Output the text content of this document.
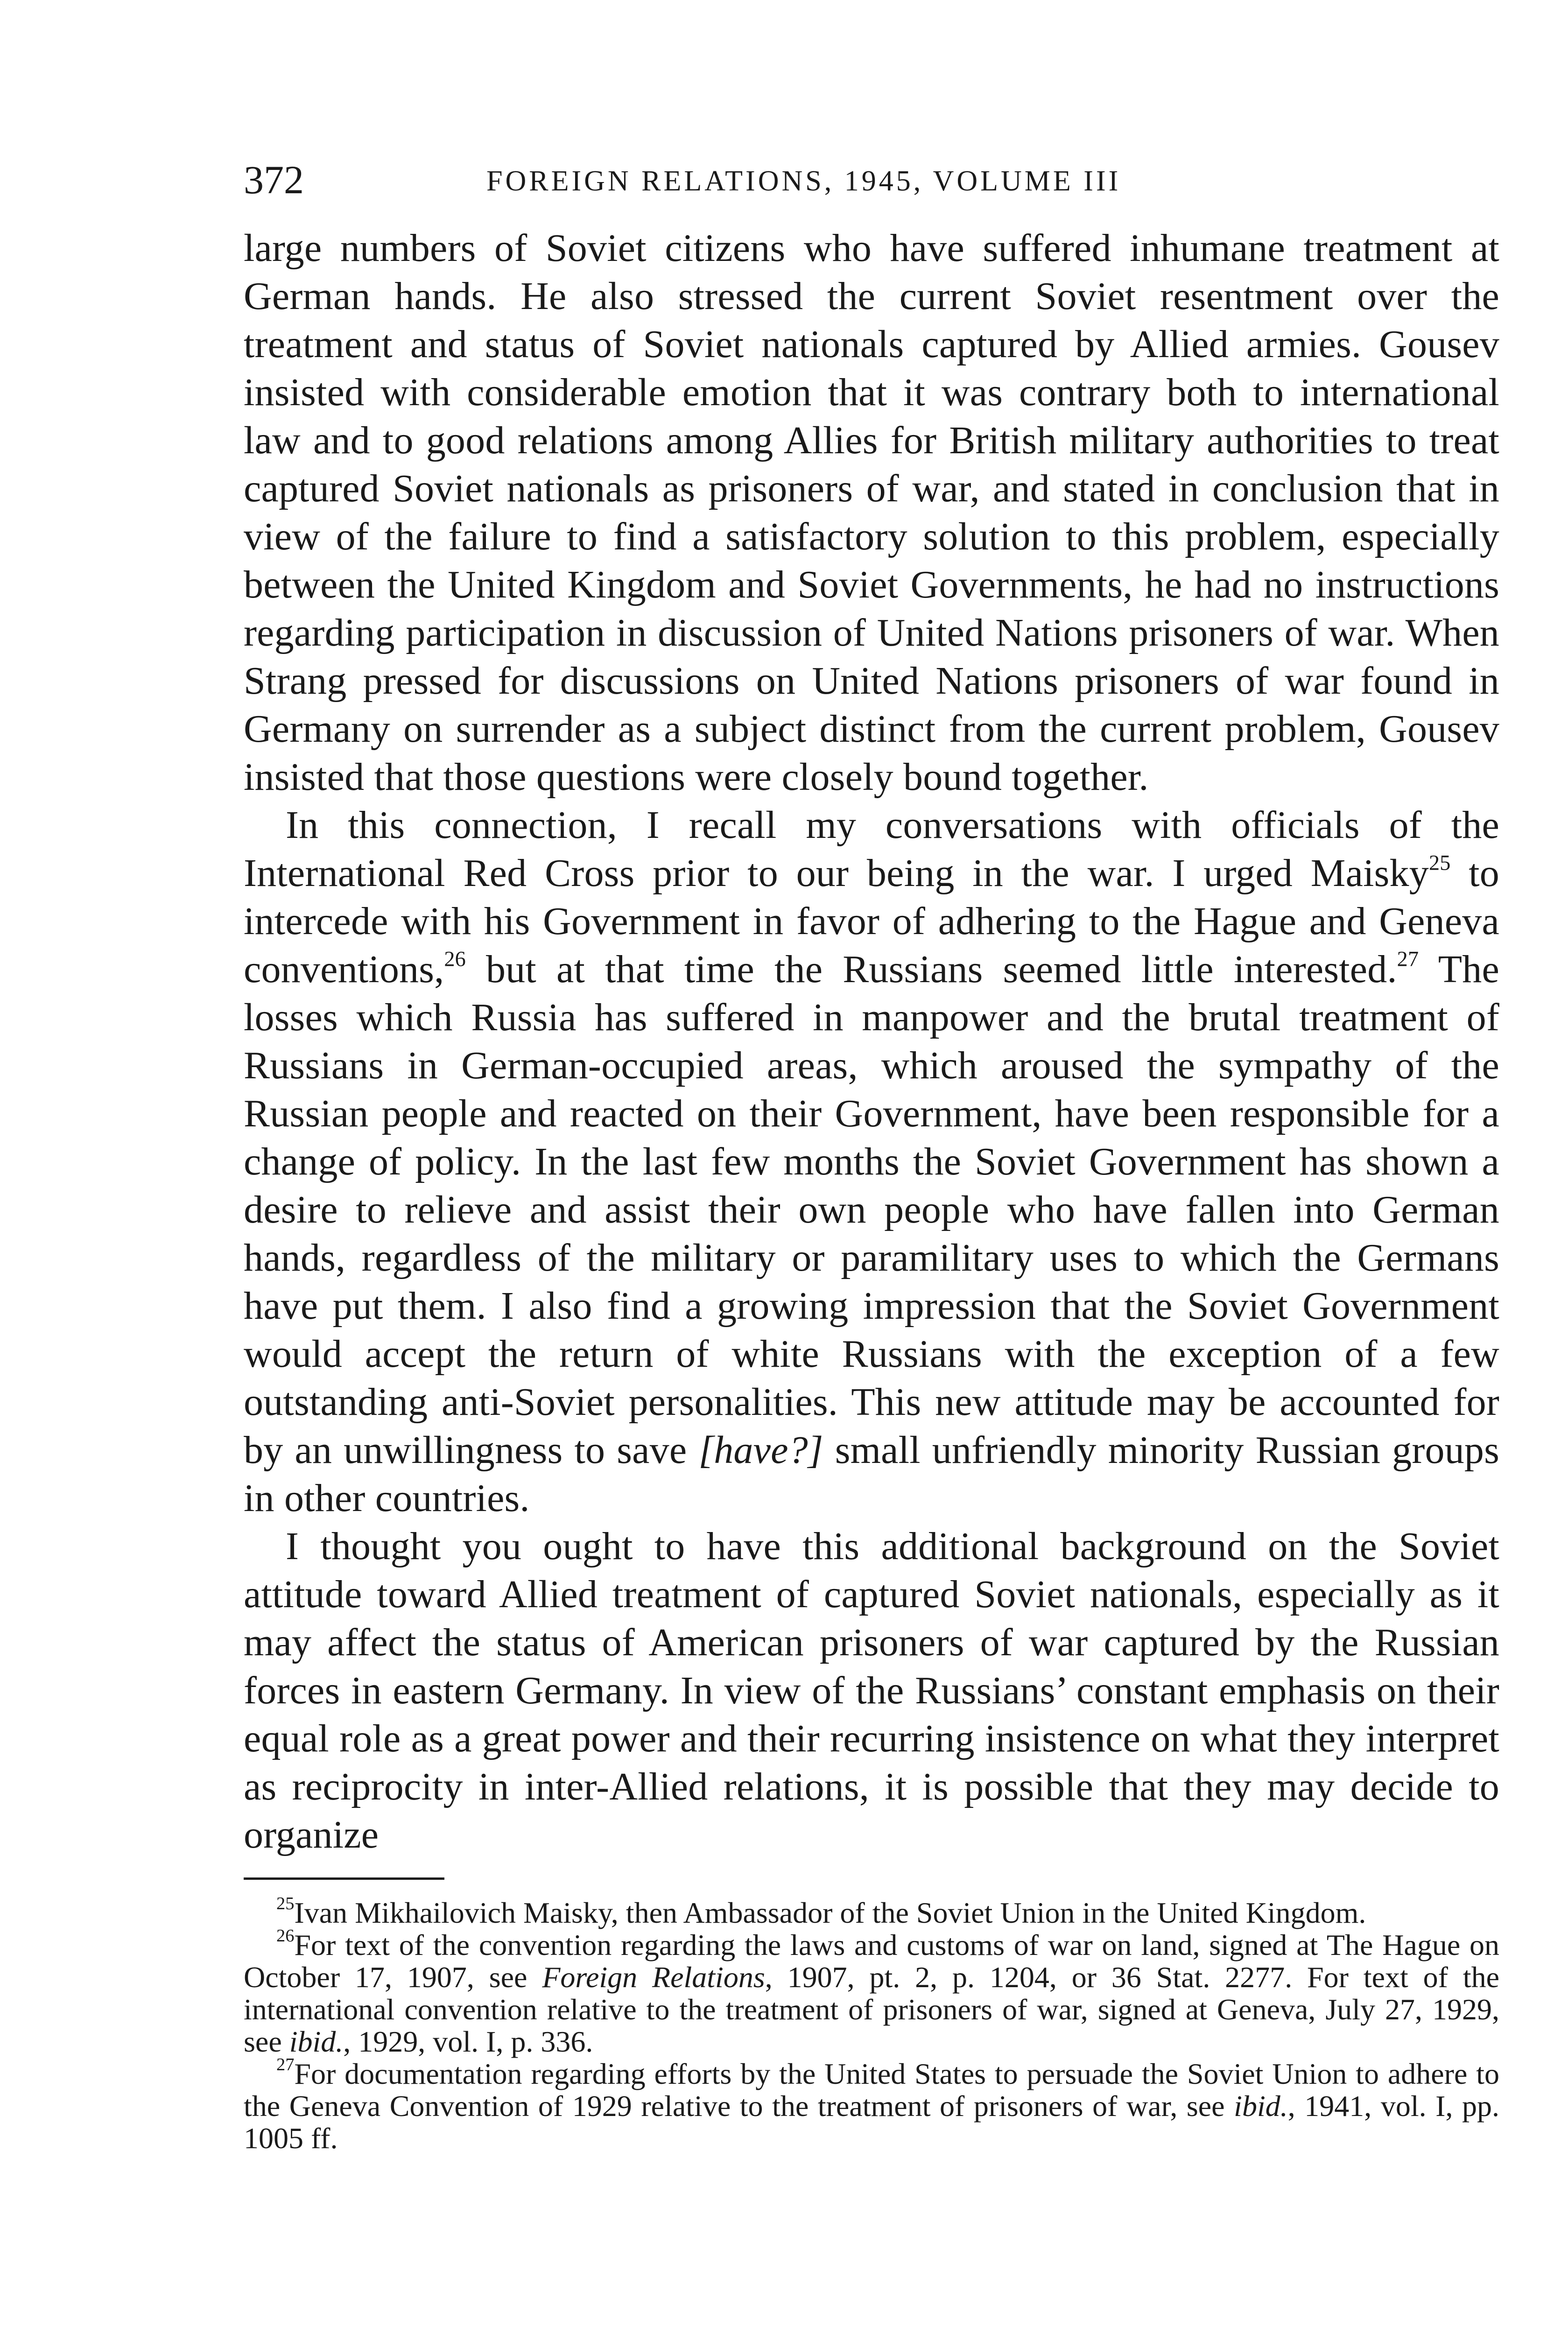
372	FOREIGN RELATIONS, 1945, VOLUME III

large numbers of Soviet citizens who have suffered inhumane treatment at German hands. He also stressed the current Soviet resentment over the treatment and status of Soviet nationals captured by Allied armies. Gousev insisted with considerable emotion that it was contrary both to international law and to good relations among Allies for British military authorities to treat captured Soviet nationals as prisoners of war, and stated in conclusion that in view of the failure to find a satisfactory solution to this problem, especially between the United Kingdom and Soviet Governments, he had no instructions regarding participation in discussion of United Nations prisoners of war. When Strang pressed for discussions on United Nations prisoners of war found in Germany on surrender as a subject distinct from the current problem, Gousev insisted that those questions were closely bound together.

In this connection, I recall my conversations with officials of the International Red Cross prior to our being in the war. I urged Maisky$^{25}$ to intercede with his Government in favor of adhering to the Hague and Geneva conventions,$^{26}$ but at that time the Russians seemed little interested.$^{27}$ The losses which Russia has suffered in manpower and the brutal treatment of Russians in German-occupied areas, which aroused the sympathy of the Russian people and reacted on their Government, have been responsible for a change of policy. In the last few months the Soviet Government has shown a desire to relieve and assist their own people who have fallen into German hands, regardless of the military or paramilitary uses to which the Germans have put them. I also find a growing impression that the Soviet Government would accept the return of white Russians with the exception of a few outstanding anti-Soviet personalities. This new attitude may be accounted for by an unwillingness to save [have?] small unfriendly minority Russian groups in other countries.

I thought you ought to have this additional background on the Soviet attitude toward Allied treatment of captured Soviet nationals, especially as it may affect the status of American prisoners of war captured by the Russian forces in eastern Germany. In view of the Russians’ constant emphasis on their equal role as a great power and their recurring insistence on what they interpret as reciprocity in inter-Allied relations, it is possible that they may decide to organize

$^{25}$Ivan Mikhailovich Maisky, then Ambassador of the Soviet Union in the United Kingdom.

$^{26}$For text of the convention regarding the laws and customs of war on land, signed at The Hague on October 17, 1907, see Foreign Relations, 1907, pt. 2, p. 1204, or 36 Stat. 2277. For text of the international convention relative to the treatment of prisoners of war, signed at Geneva, July 27, 1929, see ibid., 1929, vol. I, p. 336.

$^{27}$For documentation regarding efforts by the United States to persuade the Soviet Union to adhere to the Geneva Convention of 1929 relative to the treatment of prisoners of war, see ibid., 1941, vol. I, pp. 1005 ff.
